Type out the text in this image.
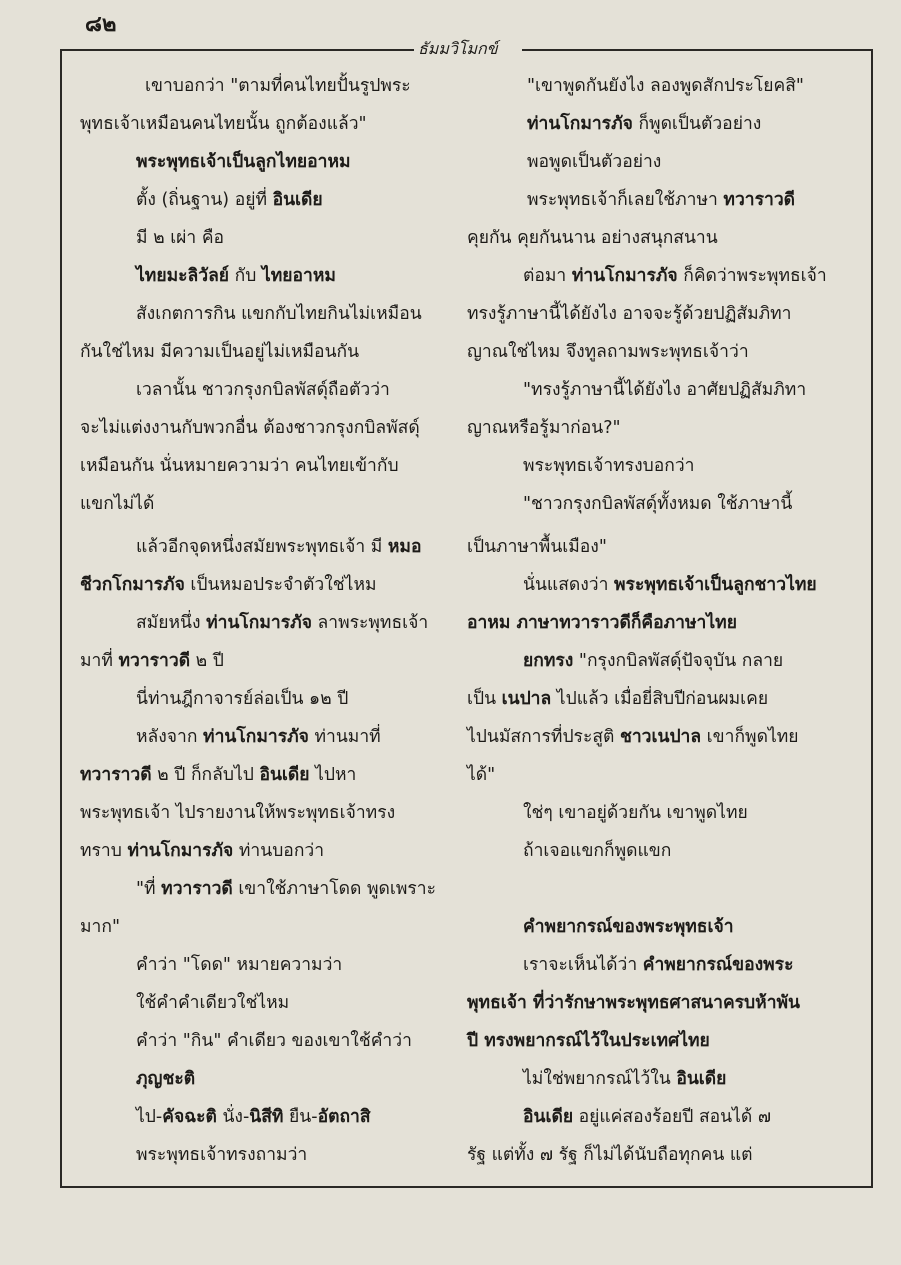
๘๒
ธัมมวิโมกข์
เขาบอกว่า "ตามที่คนไทยปั้นรูปพระ
พุทธเจ้าเหมือนคนไทยนั้น ถูกต้องแล้ว"
พระพุทธเจ้าเป็นลูกไทยอาหม
ตั้ง (ถิ่นฐาน) อยู่ที่ อินเดีย
มี ๒ เผ่า คือ
ไทยมะลิวัลย์ กับ ไทยอาหม
สังเกตการกิน แขกกับไทยกินไม่เหมือน
กันใช่ไหม มีความเป็นอยู่ไม่เหมือนกัน
เวลานั้น ชาวกรุงกบิลพัสดุ์ถือตัวว่า
จะไม่แต่งงานกับพวกอื่น ต้องชาวกรุงกบิลพัสดุ์
เหมือนกัน นั่นหมายความว่า คนไทยเข้ากับ
แขกไม่ได้
แล้วอีกจุดหนึ่งสมัยพระพุทธเจ้า มี หมอ
ชีวกโกมารภัจ เป็นหมอประจำตัวใช่ไหม
สมัยหนึ่ง ท่านโกมารภัจ ลาพระพุทธเจ้า
มาที่ ทวาราวดี ๒ ปี
นี่ท่านฎีกาจารย์ล่อเป็น ๑๒ ปี
หลังจาก ท่านโกมารภัจ ท่านมาที่
ทวาราวดี ๒ ปี ก็กลับไป อินเดีย ไปหา
พระพุทธเจ้า ไปรายงานให้พระพุทธเจ้าทรง
ทราบ ท่านโกมารภัจ ท่านบอกว่า
"ที่ ทวาราวดี เขาใช้ภาษาโดด พูดเพราะ
มาก"
คำว่า "โดด" หมายความว่า
ใช้คำคำเดียวใช่ไหม
คำว่า "กิน" คำเดียว ของเขาใช้คำว่า
ภุญชะติ
ไป-คัจฉะติ นั่ง-นิสีทิ ยืน-อัตถาสิ
พระพุทธเจ้าทรงถามว่า
"เขาพูดกันยังไง ลองพูดสักประโยคสิ"
ท่านโกมารภัจ ก็พูดเป็นตัวอย่าง
พอพูดเป็นตัวอย่าง
พระพุทธเจ้าก็เลยใช้ภาษา ทวาราวดี
คุยกัน คุยกันนาน อย่างสนุกสนาน
ต่อมา ท่านโกมารภัจ ก็คิดว่าพระพุทธเจ้า
ทรงรู้ภาษานี้ได้ยังไง อาจจะรู้ด้วยปฏิสัมภิทา
ญาณใช่ไหม จึงทูลถามพระพุทธเจ้าว่า
"ทรงรู้ภาษานี้ได้ยังไง อาศัยปฏิสัมภิทา
ญาณหรือรู้มาก่อน?"
พระพุทธเจ้าทรงบอกว่า
"ชาวกรุงกบิลพัสดุ์ทั้งหมด ใช้ภาษานี้
เป็นภาษาพื้นเมือง"
นั่นแสดงว่า พระพุทธเจ้าเป็นลูกชาวไทย
อาหม ภาษาทวาราวดีก็คือภาษาไทย
ยกทรง "กรุงกบิลพัสดุ์ปัจจุบัน กลาย
เป็น เนปาล ไปแล้ว เมื่อยี่สิบปีก่อนผมเคย
ไปนมัสการที่ประสูติ ชาวเนปาล เขาก็พูดไทย
ได้"
ใช่ๆ เขาอยู่ด้วยกัน เขาพูดไทย
ถ้าเจอแขกก็พูดแขก
คำพยากรณ์ของพระพุทธเจ้า
เราจะเห็นได้ว่า คำพยากรณ์ของพระ
พุทธเจ้า ที่ว่ารักษาพระพุทธศาสนาครบห้าพัน
ปี ทรงพยากรณ์ไว้ในประเทศไทย
ไม่ใช่พยากรณ์ไว้ใน อินเดีย
อินเดีย อยู่แค่สองร้อยปี สอนได้ ๗
รัฐ แต่ทั้ง ๗ รัฐ ก็ไม่ได้นับถือทุกคน แต่
